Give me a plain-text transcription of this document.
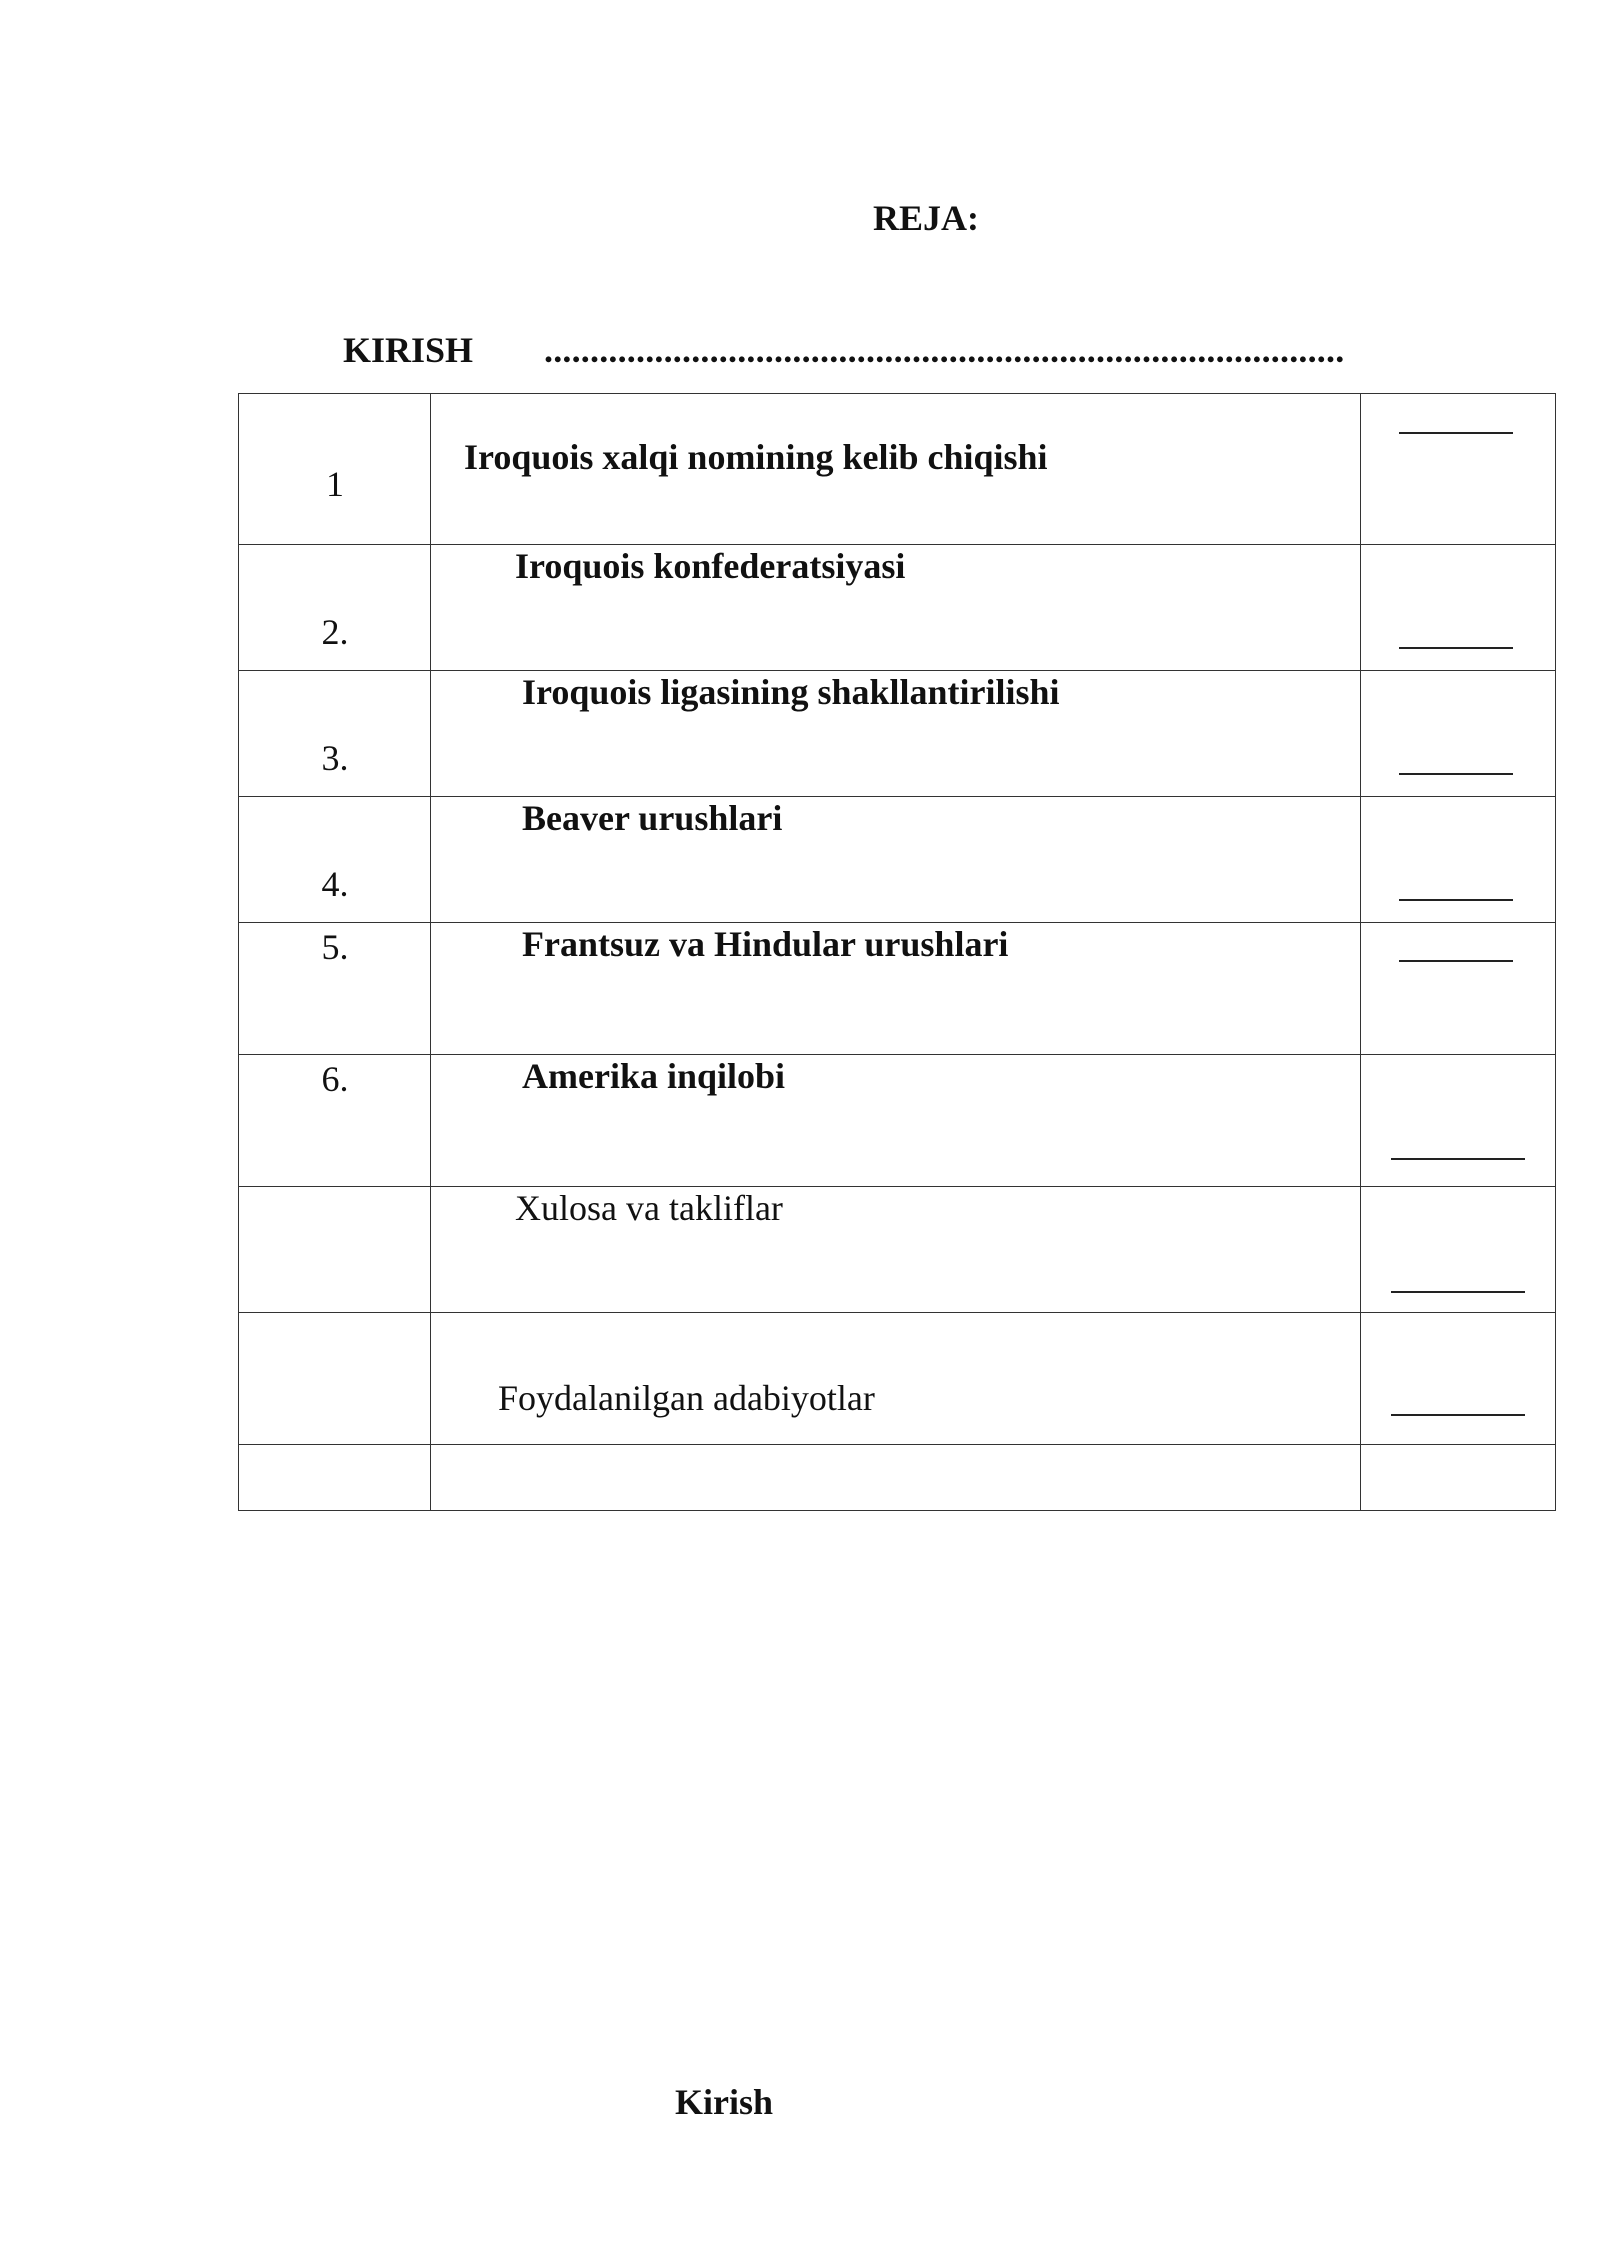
REJA:
KIRISH .......................................................................................
1	Iroquois xalqi nomining kelib chiqishi	

2.	Iroquois konfederatsiyasi	

3.	Iroquois ligasining shakllantirilishi	

4.	Beaver urushlari	

5.	Frantsuz va Hindular urushlari	

6.	Amerika inqilobi	

	Xulosa va takliflar	

	Foydalanilgan adabiyotlar	

Kirish
